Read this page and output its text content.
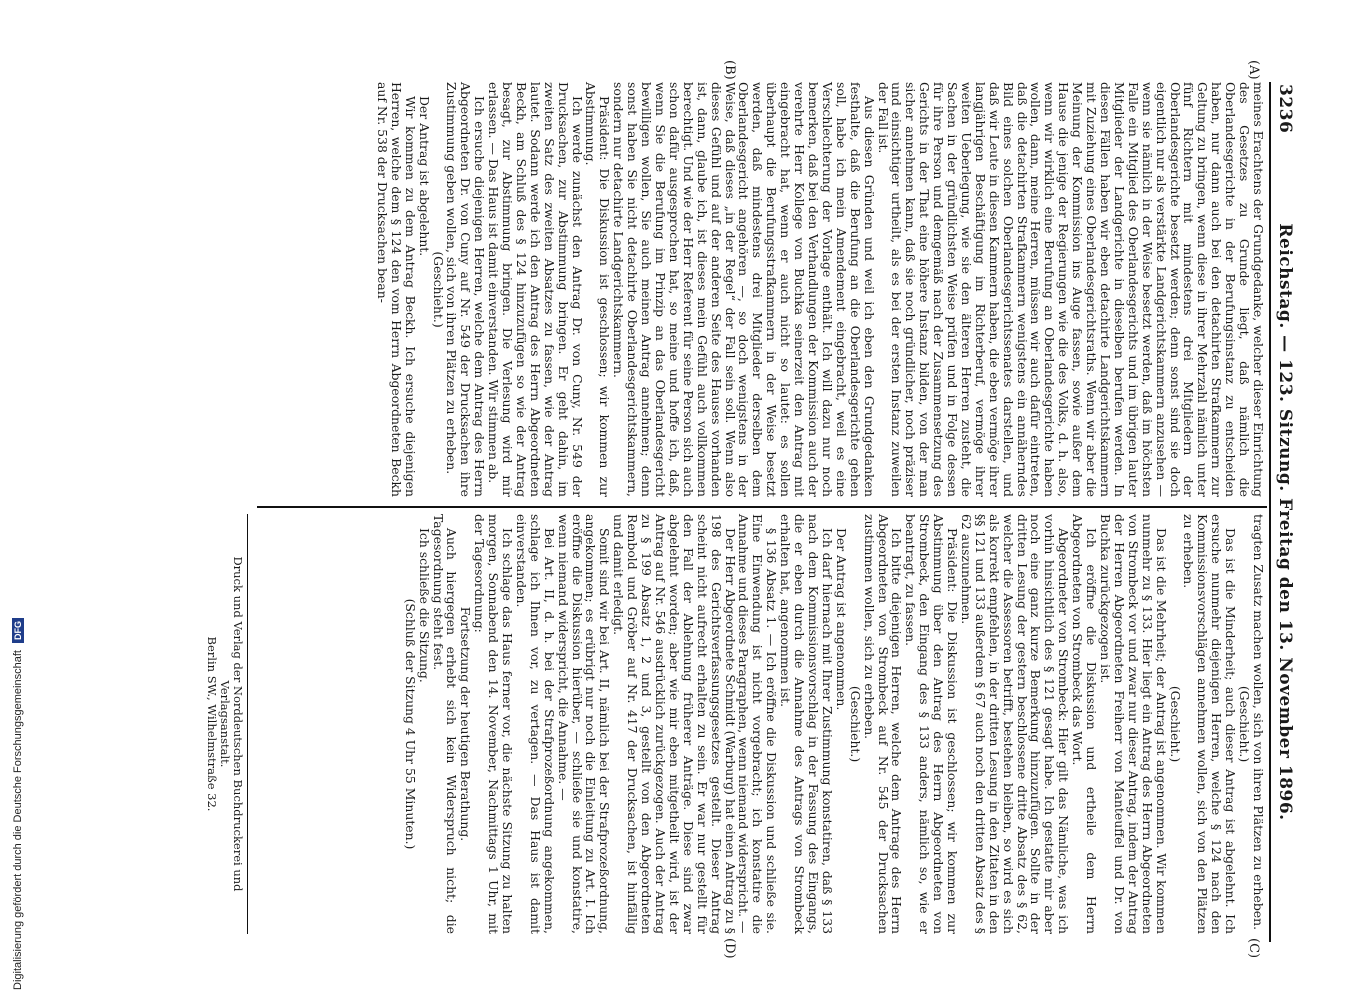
3236
Reichstag. — 123. Sitzung. Freitag den 13. November 1896.
(A)
(B)
(C)
(D)

meines Erachtens der Grundgedanke, welcher dieser Einrichtung des Gesetzes zu Grunde liegt, daß nämlich die Oberlandesgerichte in der Berufungsinstanz zu entscheiden haben, nur dann auch bei den detachirten Strafkammern zur Geltung zu bringen, wenn diese in ihrer Mehrzahl nämlich unter fünf Richtern mit mindestens drei Mitgliedern der Oberlandesgerichte besetzt werden; denn sonst sind sie doch eigentlich nur als verstärkte Landgerichtskammern anzusehen — wenn sie nämlich in der Weise besetzt werden, daß im höchsten Falle ein Mitglied des Oberlandesgerichts und im übrigen lauter Mitglieder der Landgerichte in dieselben berufen werden. In diesen Fällen haben wir eben detachirte Landgerichtskammern mit Zuziehung eines Oberlandesgerichtsraths. Wenn wir aber die Meinung der Kommission ins Auge fassen, sowie außer dem Hause die jenige der Regierungen wie die des Volks, d. h. also, wenn wir wirklich eine Berufung an Oberlandesgerichte haben wollen, dann, meine Herren, müssen wir auch dafür eintreten, daß die detachirten Strafkammern wenigstens ein annäherndes Bild eines solchen Oberlandesgerichtssenates darstellen, und daß wir Leute in diesen Kammern haben, die eben vermöge ihrer langjährigen Beschäftigung im Richterberuf, vermöge ihrer weiten Ueberlegung, wie sie den älteren Herren zusteht, die Sachen in der gründlichsten Weise prüfen und in Folge dessen für ihre Person und demgemäß nach der Zusammensetzung des Gerichts in der That eine höhere Instanz bilden, von der man sicher annehmen kann, daß sie noch gründlicher, noch präziser und einsichtiger urtheilt, als es bei der ersten Instanz zuweilen der Fall ist.

Aus diesen Gründen und weil ich eben den Grundgedanken festhalte, daß die Berufung an die Oberlandesgerichte gehen soll, habe ich mein Amendement eingebracht, weil es eine Verschlechterung der Vorlage enthält. Ich will dazu nur noch bemerken, daß bei den Verhandlungen der Kommission auch der verehrte Herr Kollege von Buchka seinerzeit den Antrag mit eingebracht hat, wenn er auch nicht so lautet: es sollen überhaupt die Berufungsstrafkammern in der Weise besetzt werden, daß mindestens drei Mitglieder derselben dem Oberlandesgericht angehören —, so doch wenigstens in der Weise, daß dieses „in der Regel“ der Fall sein soll. Wenn also dieses Gefühl und auf der anderen Seite des Hauses vorhanden ist, dann, glaube ich, ist dieses mein Gefühl auch vollkommen berechtigt. Und wie der Herr Referent für seine Person sich auch schon dafür ausgesprochen hat, so meine und hoffe ich, daß, wenn Sie die Berufung im Prinzip an das Oberlandesgericht bewilligen wollen, Sie auch meinen Antrag annehmen; denn sonst haben Sie nicht detachirte Oberlandesgerichtskammern, sondern nur detachirte Landgerichtskammern.

Präsident: Die Diskussion ist geschlossen; wir kommen zur Abstimmung.

Ich werde zunächst den Antrag Dr. von Cuny, Nr. 549 der Drucksachen, zur Abstimmung bringen. Er geht dahin, im zweiten Satz des zweiten Absatzes zu fassen, wie der Antrag lautet. Sodann werde ich den Antrag des Herrn Abgeordneten Beckh, am Schluß des § 124 hinzuzufügen so wie der Antrag besagt, zur Abstimmung bringen. Die Verlesung wird mir erlassen. — Das Haus ist damit einverstanden. Wir stimmen ab.

Ich ersuche diejenigen Herren, welche dem Antrag des Herrn Abgeordneten Dr. von Cuny auf Nr. 549 der Drucksachen ihre Zustimmung geben wollen, sich von ihren Plätzen zu erheben.

(Geschieht.)

Der Antrag ist abgelehnt.

Wir kommen zu dem Antrag Beckh. Ich ersuche diejenigen Herren, welche dem § 124 den vom Herrn Abgeordneten Beckh auf Nr. 538 der Drucksachen bean-

tragten Zusatz machen wollen, sich von ihren Plätzen zu erheben.

(Geschieht.)

Das ist die Minderheit; auch dieser Antrag ist abgelehnt. Ich ersuche nunmehr diejenigen Herren, welche § 124 nach den Kommissionsvorschlägen annehmen wollen, sich von den Plätzen zu erheben.

(Geschieht.)

Das ist die Mehrheit; der Antrag ist angenommen. Wir kommen nunmehr zu § 133. Hier liegt ein Antrag des Herrn Abgeordneten von Strombeck vor und zwar nur dieser Antrag, indem der Antrag der Herren Abgeordneten Freiherr von Manteuffel und Dr. von Buchka zurückgezogen ist.

Ich eröffne die Diskussion und ertheile dem Herrn Abgeordneten von Strombeck das Wort.

Abgeordneter von Strombeck: Hier gilt das Nämliche, was ich vorhin hinsichtlich des § 121 gesagt habe. Ich gestatte mir aber noch eine ganz kurze Bemerkung hinzuzufügen. Sollte in der dritten Lesung der gestern beschlossene dritte Absatz des § 62, welcher die Assessoren betrifft, bestehen bleiben, so wird es sich als korrekt empfehlen, in der dritten Lesung in den Zitaten in den §§ 121 und 133 außerdem § 67 auch noch den dritten Absatz des § 62 auszunehmen.

Präsident: Die Diskussion ist geschlossen; wir kommen zur Abstimmung über den Antrag des Herrn Abgeordneten von Strombeck, den Eingang des § 133 anders, nämlich so, wie er beantragt, zu fassen.

Ich bitte diejenigen Herren, welche dem Antrage des Herrn Abgeordneten von Strombeck auf Nr. 545 der Drucksachen zustimmen wollen, sich zu erheben.

(Geschieht.)

Der Antrag ist angenommen.

Ich darf hiernach mit Ihrer Zustimmung konstatiren, daß § 133 nach dem Kommissionsvorschlag in der Fassung des Eingangs, die er eben durch die Annahme des Antrags von Strombeck erhalten hat, angenommen ist.

§ 136 Absatz 1. — Ich eröffne die Diskussion und schließe sie. Eine Einwendung ist nicht vorgebracht; ich konstatire die Annahme und dieses Paragraphen, wenn niemand widerspricht. —

Der Herr Abgeordnete Schmidt (Warburg) hat einen Antrag zu § 198 des Gerichtsverfassungsgesetzes gestellt. Dieser Antrag scheint nicht aufrecht erhalten zu sein. Er war nur gestellt für den Fall der Ablehnung früherer Anträge. Diese sind zwar abgelehnt worden; aber wie mir eben mitgetheilt wird, ist der Antrag auf Nr. 546 ausdrücklich zurückgezogen. Auch der Antrag zu § 199 Absatz 1, 2 und 3, gestellt von den Abgeordneten Rembold und Gröber auf Nr. 417 der Drucksachen, ist hinfällig und damit erledigt.

Somit sind wir bei Art. II, nämlich bei der Strafprozeßordnung, angekommen; es erübrigt nur noch die Einleitung zu Art. I. Ich eröffne die Diskussion hierüber, — schließe sie und konstatire, wenn niemand widerspricht, die Annahme. —

Bei Art. II, d. h. bei der Strafprozeßordnung angekommen, schlage ich Ihnen vor, zu vertagen. — Das Haus ist damit einverstanden.

Ich schlage das Haus ferner vor, die nächste Sitzung zu halten morgen, Sonnabend den 14. November, Nachmittags 1 Uhr, mit der Tagesordnung:

Fortsetzung der heutigen Berathung.

Auch hiergegen erhebt sich kein Widerspruch nicht; die Tagesordnung steht fest.

Ich schließe die Sitzung.

(Schluß der Sitzung 4 Uhr 55 Minuten.)

Druck und Verlag der Norddeutschen Buchdruckerei und Verlagsanstalt.
Berlin SW., Wilhelmstraße 32.
Digitalisierung gefördert durch die Deutsche Forschungsgemeinschaft DFG
